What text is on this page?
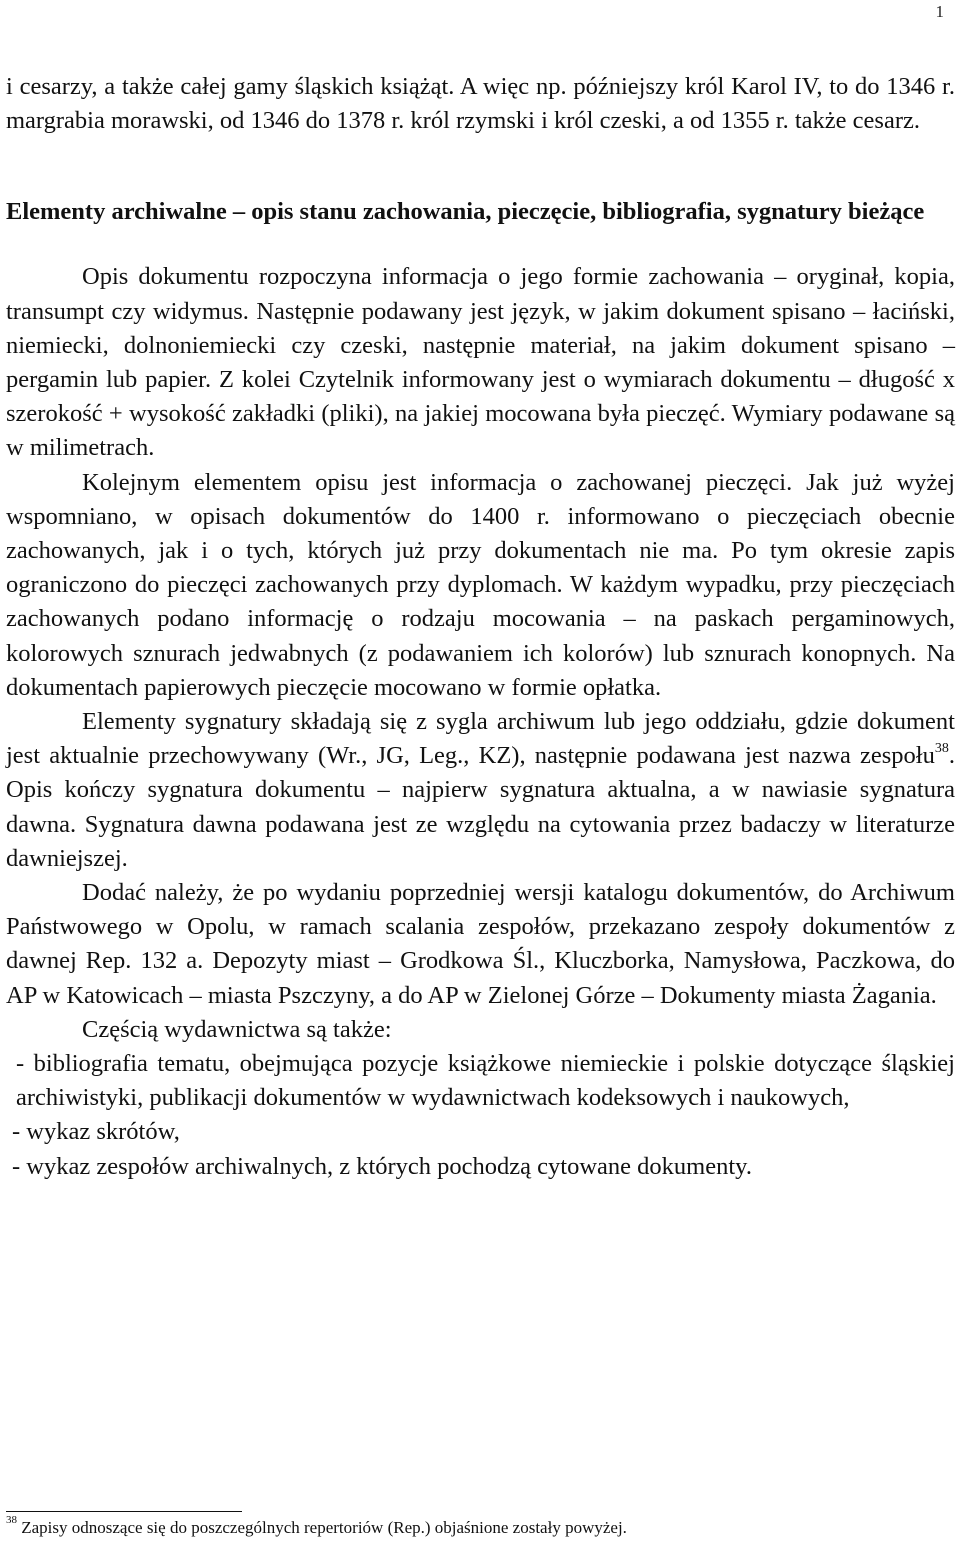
1

i cesarzy, a także całej gamy śląskich książąt. A więc np. późniejszy król Karol IV, to do 1346 r. margrabia morawski, od 1346 do 1378 r. król rzymski i król czeski, a od 1355 r. także cesarz.

Elementy archiwalne – opis stanu zachowania, pieczęcie, bibliografia, sygnatury bieżące

Opis dokumentu rozpoczyna informacja o jego formie zachowania – oryginał, kopia, transumpt czy widymus. Następnie podawany jest język, w jakim dokument spisano – łaciński, niemiecki, dolnoniemiecki czy czeski, następnie materiał, na jakim dokument spisano – pergamin lub papier. Z kolei Czytelnik informowany jest o wymiarach dokumentu – długość x szerokość + wysokość zakładki (pliki), na jakiej mocowana była pieczęć. Wymiary podawane są w milimetrach.

Kolejnym elementem opisu jest informacja o zachowanej pieczęci. Jak już wyżej wspomniano, w opisach dokumentów do 1400 r. informowano o pieczęciach obecnie zachowanych, jak i o tych, których już przy dokumentach nie ma. Po tym okresie zapis ograniczono do pieczęci zachowanych przy dyplomach. W każdym wypadku, przy pieczęciach zachowanych podano informację o rodzaju mocowania – na paskach pergaminowych, kolorowych sznurach jedwabnych (z podawaniem ich kolorów) lub sznurach konopnych. Na dokumentach papierowych pieczęcie mocowano w formie opłatka.

Elementy sygnatury składają się z sygla archiwum lub jego oddziału, gdzie dokument jest aktualnie przechowywany (Wr., JG, Leg., KZ), następnie podawana jest nazwa zespołu$^{38}$. Opis kończy sygnatura dokumentu – najpierw sygnatura aktualna, a w nawiasie sygnatura dawna. Sygnatura dawna podawana jest ze względu na cytowania przez badaczy w literaturze dawniejszej.

Dodać należy, że po wydaniu poprzedniej wersji katalogu dokumentów, do Archiwum Państwowego w Opolu, w ramach scalania zespołów, przekazano zespoły dokumentów z dawnej Rep. 132 a. Depozyty miast – Grodkowa Śl., Kluczborka, Namysłowa, Paczkowa, do AP w Katowicach – miasta Pszczyny, a do AP w Zielonej Górze – Dokumenty miasta Żagania.

Częścią wydawnictwa są także:

- bibliografia tematu, obejmująca pozycje książkowe niemieckie i polskie dotyczące śląskiej archiwistyki, publikacji dokumentów w wydawnictwach kodeksowych i naukowych,

- wykaz skrótów,

- wykaz zespołów archiwalnych, z których pochodzą cytowane dokumenty.

$^{38}$ Zapisy odnoszące się do poszczególnych repertoriów (Rep.) objaśnione zostały powyżej.
